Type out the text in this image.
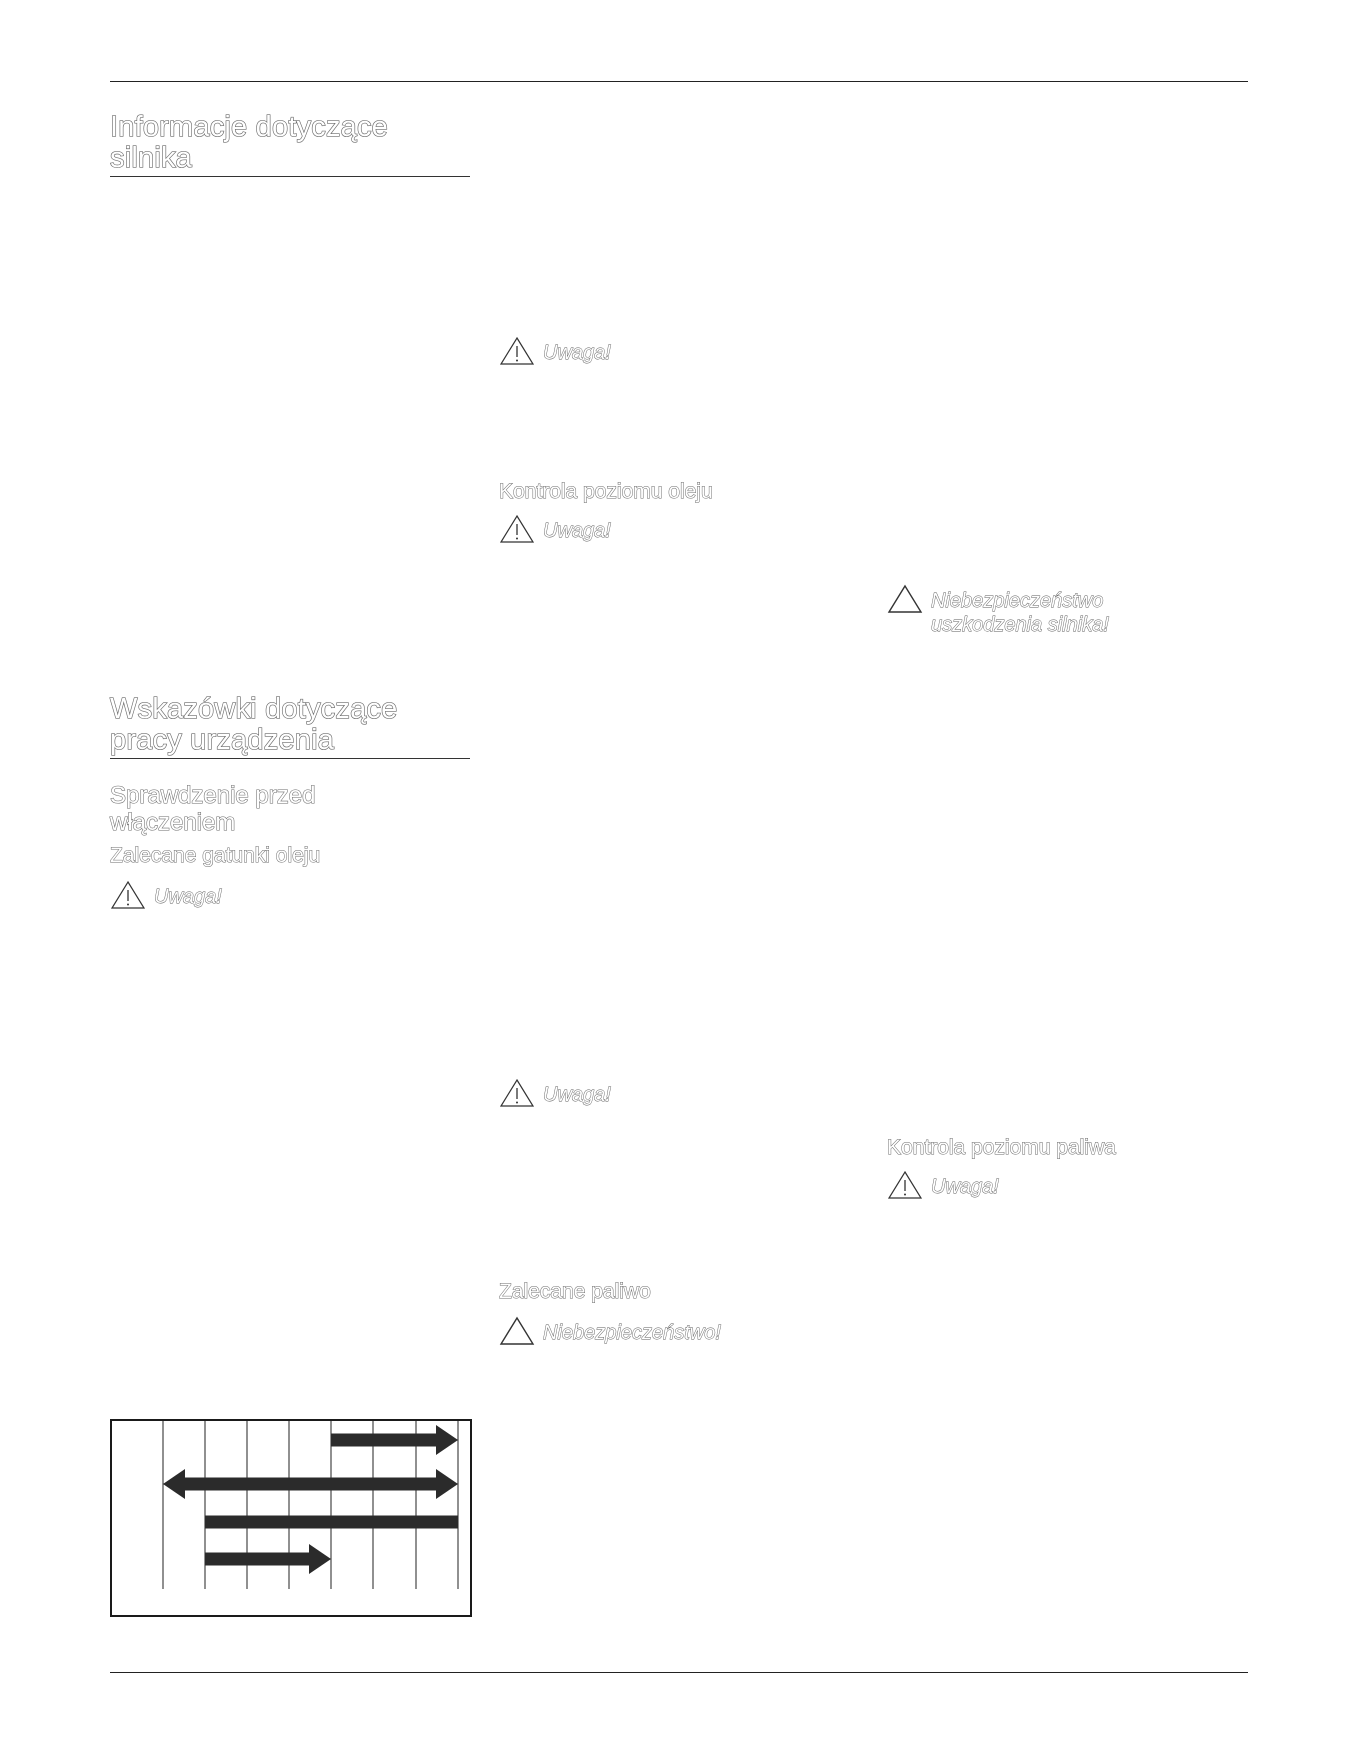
Informacje dotyczące
silnika
Wskazówki dotyczące
pracy urządzenia
Sprawdzenie przed
włączeniem
Zalecane gatunki oleju
Uwaga!
Uwaga!
Kontrola poziomu oleju
Uwaga!
Uwaga!
Zalecane paliwo
Niebezpieczeństwo!
Niebezpieczeństwo
uszkodzenia silnika!
Kontrola poziomu paliwa
Uwaga!
